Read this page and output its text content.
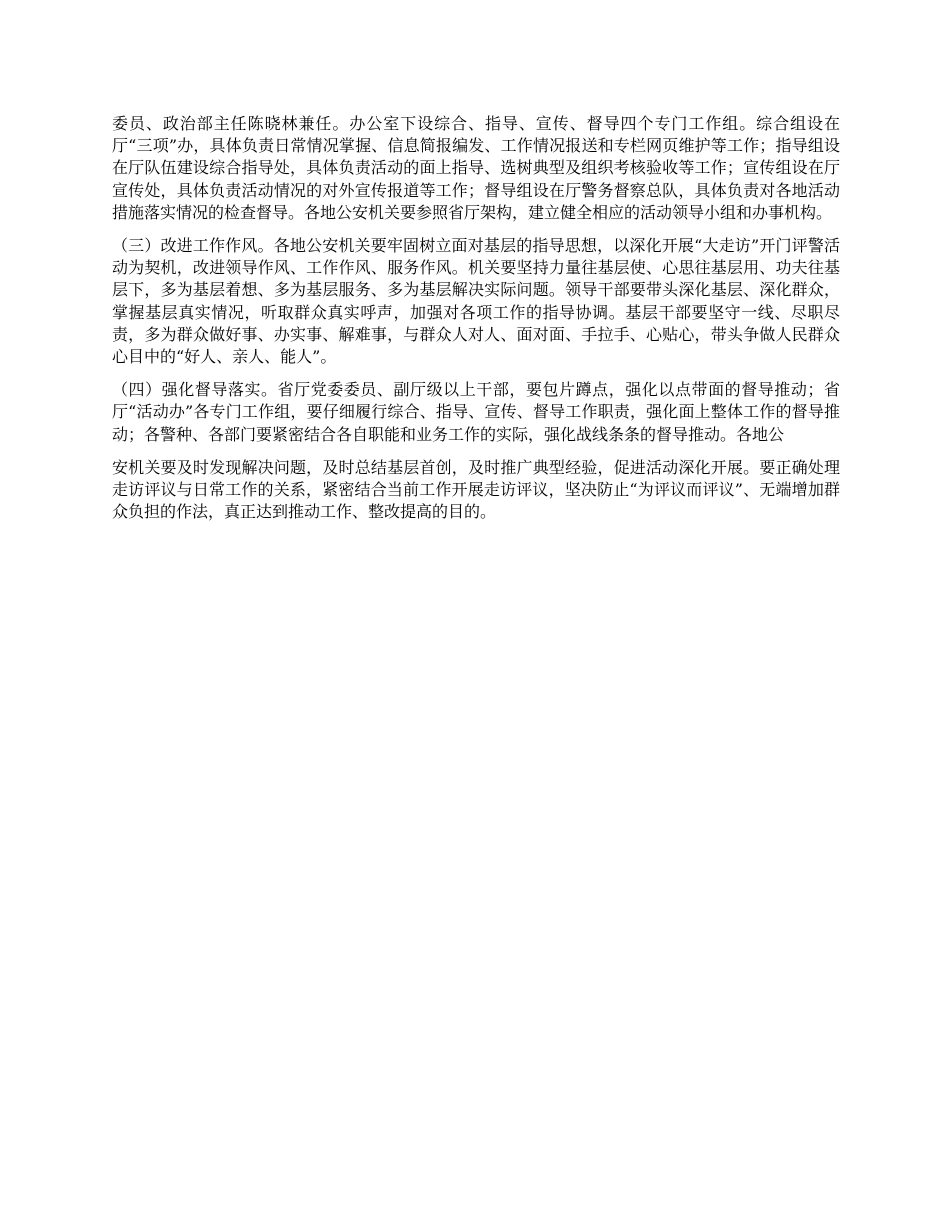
委员、政治部主任陈晓林兼任。办公室下设综合、指导、宣传、督导四个专门工作组。综合组设在厅“三项”办，具体负责日常情况掌握、信息简报编发、工作情况报送和专栏网页维护等工作；指导组设在厅队伍建设综合指导处，具体负责活动的面上指导、选树典型及组织考核验收等工作；宣传组设在厅宣传处，具体负责活动情况的对外宣传报道等工作；督导组设在厅警务督察总队，具体负责对各地活动措施落实情况的检查督导。各地公安机关要参照省厅架构，建立健全相应的活动领导小组和办事机构。

（三）改进工作作风。各地公安机关要牢固树立面对基层的指导思想，以深化开展“大走访”开门评警活动为契机，改进领导作风、工作作风、服务作风。机关要坚持力量往基层使、心思往基层用、功夫往基层下，多为基层着想、多为基层服务、多为基层解决实际问题。领导干部要带头深化基层、深化群众，掌握基层真实情况，听取群众真实呼声，加强对各项工作的指导协调。基层干部要坚守一线、尽职尽责，多为群众做好事、办实事、解难事，与群众人对人、面对面、手拉手、心贴心，带头争做人民群众心目中的“好人、亲人、能人”。

（四）强化督导落实。省厅党委委员、副厅级以上干部，要包片蹲点，强化以点带面的督导推动；省厅“活动办”各专门工作组，要仔细履行综合、指导、宣传、督导工作职责，强化面上整体工作的督导推动；各警种、各部门要紧密结合各自职能和业务工作的实际，强化战线条条的督导推动。各地公

安机关要及时发现解决问题，及时总结基层首创，及时推广典型经验，促进活动深化开展。要正确处理走访评议与日常工作的关系，紧密结合当前工作开展走访评议，坚决防止“为评议而评议”、无端增加群众负担的作法，真正达到推动工作、整改提高的目的。
